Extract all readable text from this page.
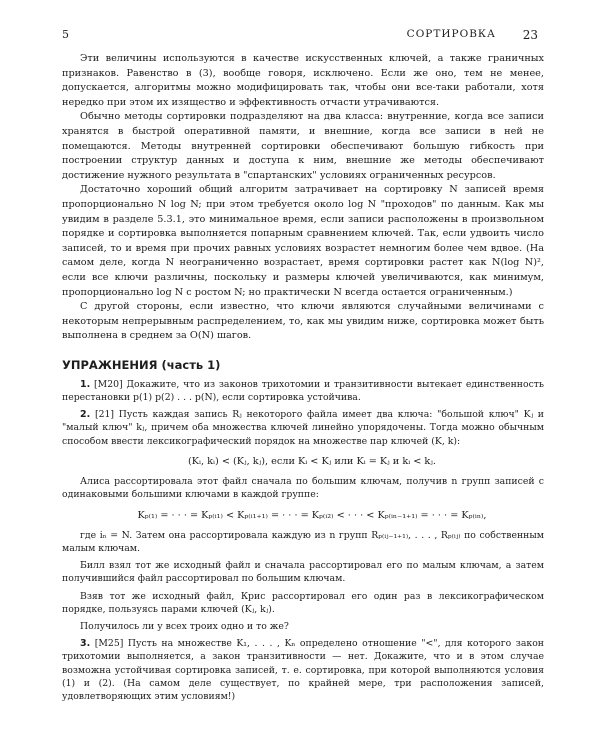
5	СОРТИРОВКА 23

Эти величины используются в качестве искусственных ключей, а также граничных признаков. Равенство в (3), вообще говоря, исключено. Если же оно, тем не менее, допускается, алгоритмы можно модифицировать так, чтобы они все-таки работали, хотя нередко при этом их изящество и эффективность отчасти утрачиваются.

Обычно методы сортировки подразделяют на два класса: внутренние, когда все записи хранятся в быстрой оперативной памяти, и внешние, когда все записи в ней не помещаются. Методы внутренней сортировки обеспечивают большую гибкость при построении структур данных и доступа к ним, внешние же методы обеспечивают достижение нужного результата в "спартанских" условиях ограниченных ресурсов.

Достаточно хороший общий алгоритм затрачивает на сортировку N записей время пропорционально N log N; при этом требуется около log N "проходов" по данным. Как мы увидим в разделе 5.3.1, это минимальное время, если записи расположены в произвольном порядке и сортировка выполняется попарным сравнением ключей. Так, если удвоить число записей, то и время при прочих равных условиях возрастет немногим более чем вдвое. (На самом деле, когда N неограниченно возрастает, время сортировки растет как N(log N)², если все ключи различны, поскольку и размеры ключей увеличиваются, как минимум, пропорционально log N с ростом N; но практически N всегда остается ограниченным.)

С другой стороны, если известно, что ключи являются случайными величинами с некоторым непрерывным распределением, то, как мы увидим ниже, сортировка может быть выполнена в среднем за O(N) шагов.

УПРАЖНЕНИЯ (часть 1)

1. [M20] Докажите, что из законов трихотомии и транзитивности вытекает единственность перестановки p(1) p(2) . . . p(N), если сортировка устойчива.

2. [21] Пусть каждая запись Rⱼ некоторого файла имеет два ключа: "большой ключ" Kⱼ и "малый ключ" kⱼ, причем оба множества ключей линейно упорядочены. Тогда можно обычным способом ввести лексикографический порядок на множестве пар ключей (K, k):

(Kᵢ, kᵢ) < (Kⱼ, kⱼ), если Kᵢ < Kⱼ или Kᵢ = Kⱼ и kᵢ < kⱼ.

Алиса рассортировала этот файл сначала по большим ключам, получив n групп записей с одинаковыми большими ключами в каждой группе:

Kₚ₍₁₎ = · · · = Kₚ₍ᵢ₁₎ < Kₚ₍ᵢ₁₊₁₎ = · · · = Kₚ₍ᵢ₂₎ < · · · < Kₚ₍ᵢₙ₋₁₊₁₎ = · · · = Kₚ₍ᵢₙ₎,

где iₙ = N. Затем она рассортировала каждую из n групп Rₚ₍ᵢⱼ₋₁₊₁₎, . . . , Rₚ₍ᵢⱼ₎ по собственным малым ключам.

Билл взял тот же исходный файл и сначала рассортировал его по малым ключам, а затем получившийся файл рассортировал по большим ключам.

Взяв тот же исходный файл, Крис рассортировал его один раз в лексикографическом порядке, пользуясь парами ключей (Kⱼ, kⱼ).

Получилось ли у всех троих одно и то же?

3. [M25] Пусть на множестве K₁, . . . , Kₙ определено отношение "<", для которого закон трихотомии выполняется, а закон транзитивности — нет. Докажите, что и в этом случае возможна устойчивая сортировка записей, т. е. сортировка, при которой выполняются условия (1) и (2). (На самом деле существует, по крайней мере, три расположения записей, удовлетворяющих этим условиям!)
